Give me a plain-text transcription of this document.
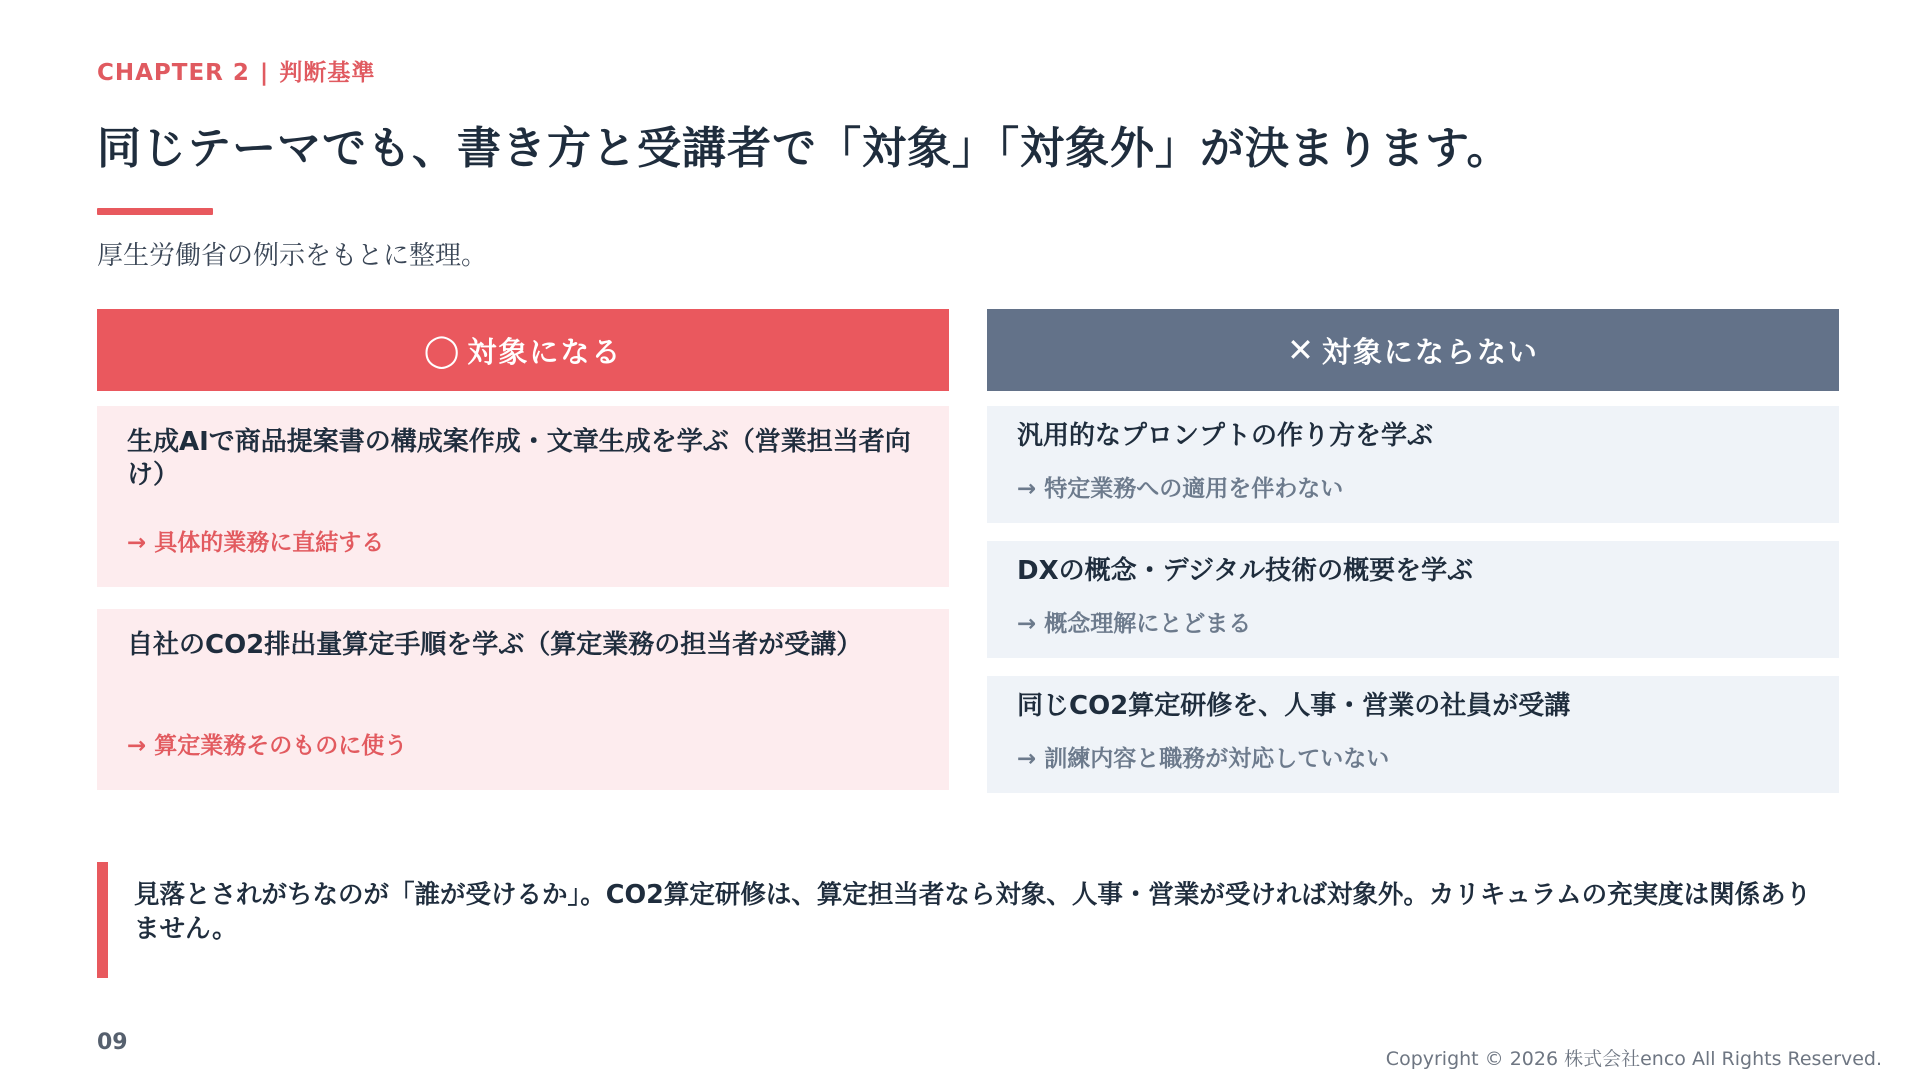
CHAPTER 2 | 判断基準
同じテーマでも、書き方と受講者で「対象」「対象外」が決まります。
厚生労働省の例示をもとに整理。
◯ 対象になる	✕ 対象にならない
生成AIで商品提案書の構成案作成・文章生成を学ぶ（営業担当者向け）
→ 具体的業務に直結する
自社のCO2排出量算定手順を学ぶ（算定業務の担当者が受講）
→ 算定業務そのものに使う
汎用的なプロンプトの作り方を学ぶ
→ 特定業務への適用を伴わない
DXの概念・デジタル技術の概要を学ぶ
→ 概念理解にとどまる
同じCO2算定研修を、人事・営業の社員が受講
→ 訓練内容と職務が対応していない
見落とされがちなのが「誰が受けるか」。CO2算定研修は、算定担当者なら対象、人事・営業が受ければ対象外。カリキュラムの充実度は関係ありません。
09
Copyright © 2026 株式会社enco All Rights Reserved.
